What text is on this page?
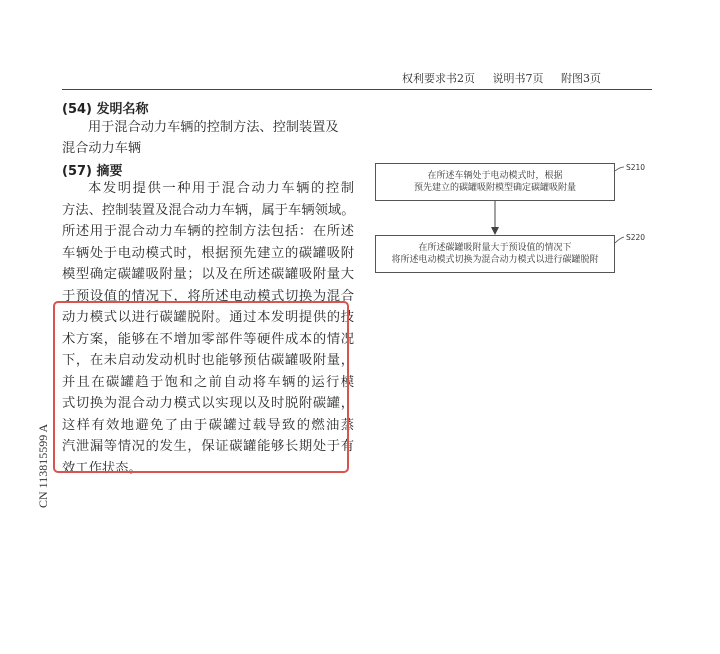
权利要求书2页 说明书7页 附图3页
(54) 发明名称
用于混合动力车辆的控制方法、控制装置及
混合动力车辆
(57) 摘要
本发明提供一种用于混合动力车辆的控制
方法、控制装置及混合动力车辆，属于车辆领域。
所述用于混合动力车辆的控制方法包括：在所述
车辆处于电动模式时，根据预先建立的碳罐吸附
模型确定碳罐吸附量；以及在所述碳罐吸附量大
于预设值的情况下，将所述电动模式切换为混合
动力模式以进行碳罐脱附。通过本发明提供的技
术方案，能够在不增加零部件等硬件成本的情况
下，在未启动发动机时也能够预估碳罐吸附量，
并且在碳罐趋于饱和之前自动将车辆的运行模
式切换为混合动力模式以实现以及时脱附碳罐，
这样有效地避免了由于碳罐过载导致的燃油蒸
汽泄漏等情况的发生，保证碳罐能够长期处于有
效工作状态。
CN 113815599 A
在所述车辆处于电动模式时，根据
预先建立的碳罐吸附模型确定碳罐吸附量
S210
在所述碳罐吸附量大于预设值的情况下
将所述电动模式切换为混合动力模式以进行碳罐脱附
S220
